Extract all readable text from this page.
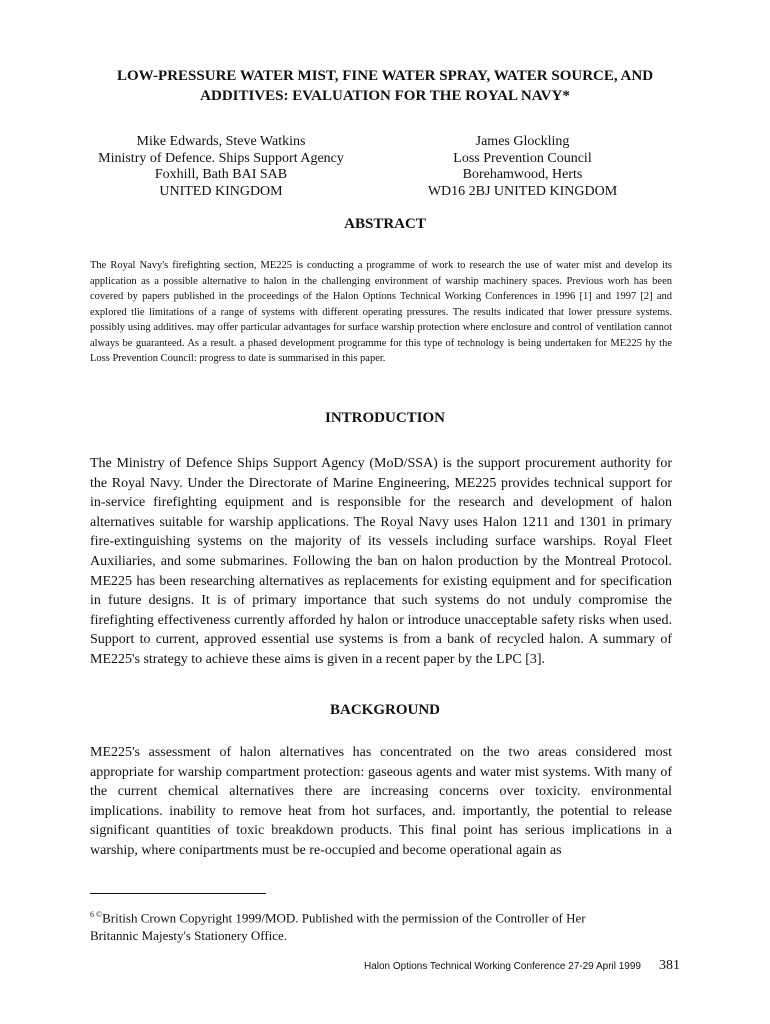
LOW-PRESSURE WATER MIST, FINE WATER SPRAY, WATER SOURCE, AND
ADDITIVES: EVALUATION FOR THE ROYAL NAVY*
Mike Edwards, Steve Watkins
Ministry of Defence. Ships Support Agency
Foxhill, Bath BAI SAB
UNITED KINGDOM
James Glockling
Loss Prevention Council
Borehamwood, Herts
WD16 2BJ UNITED KINGDOM
ABSTRACT
The Royal Navy's firefighting section, ME225 is conducting a programme of work to research the use of water mist and develop its application as a possible alternative to halon in the challenging environment of warship machinery spaces. Previous worh has been covered by papers published in the proceedings of the Halon Options Technical Working Conferences in 1996 [1] and 1997 [2] and explored tlie limitations of a range of systems with different operating pressures. The results indicated that lower pressure systems. possibly using additives. may offer particular advantages for surface warship protection where enclosure and control of ventilation cannot always be guaranteed. As a result. a phased development programme for this type of technology is being undertaken for ME225 hy the Loss Prevention Council: progress to date is summarised in this paper.
INTRODUCTION
The Ministry of Defence Ships Support Agency (MoD/SSA) is the support procurement authority for the Royal Navy. Under the Directorate of Marine Engineering, ME225 provides technical support for in-service firefighting equipment and is responsible for the research and development of halon alternatives suitable for warship applications. The Royal Navy uses Halon 1211 and 1301 in primary fire-extinguishing systems on the majority of its vessels including surface warships. Royal Fleet Auxiliaries, and some submarines. Following the ban on halon production by the Montreal Protocol. ME225 has been researching alternatives as replacements for existing equipment and for specification in future designs. It is of primary importance that such systems do not unduly compromise the firefighting effectiveness currently afforded hy halon or introduce unacceptable safety risks when used. Support to current, approved essential use systems is from a bank of recycled halon. A summary of ME225's strategy to achieve these aims is given in a recent paper by the LPC [3].
BACKGROUND
ME225's assessment of halon alternatives has concentrated on the two areas considered most appropriate for warship compartment protection: gaseous agents and water mist systems. With many of the current chemical alternatives there are increasing concerns over toxicity. environmental implications. inability to remove heat from hot surfaces, and. importantly, the potential to release significant quantities of toxic breakdown products. This final point has serious implications in a warship, where conipartments must be re-occupied and become operational again as
$^{6 ©}$British Crown Copyright 1999/MOD. Published with the permission of the Controller of Her
Britannic Majesty's Stationery Office.
Halon Options Technical Working Conference 27-29 April 1999 381
